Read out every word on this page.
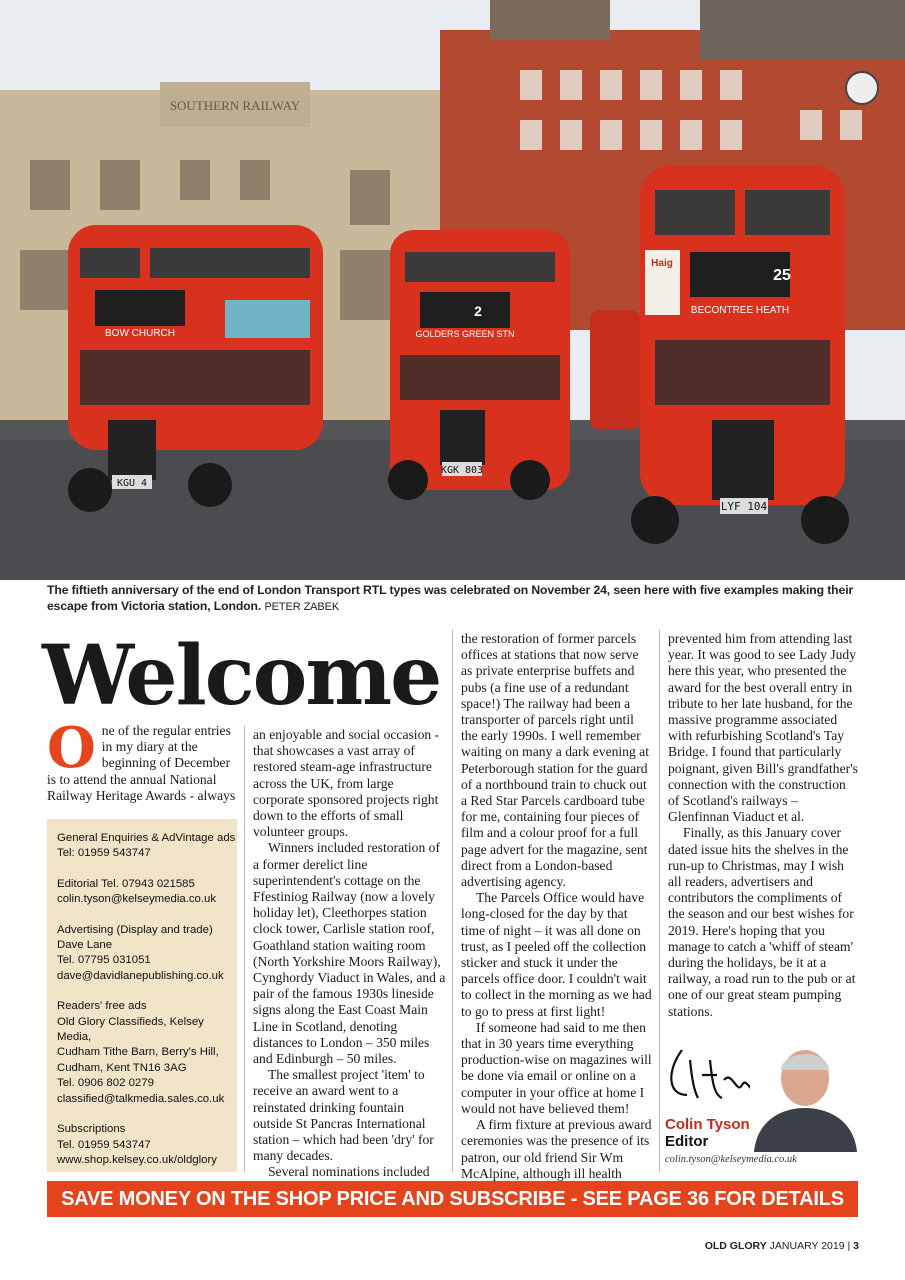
SOUTHERN RAILWAY
KGU 4
BOW CHURCH
2
GOLDERS GREEN STN
KGK 803
Haig
25
BECONTREE HEATH
LYF 104
The fiftieth anniversary of the end of London Transport RTL types was celebrated on November 24, seen here with five examples making their escape from Victoria station, London. PETER ZABEK
Welcome

One of the regular entries in my diary at the beginning of December is to attend the annual National Railway Heritage Awards - always

General Enquiries & AdVintage ads
Tel: 01959 543747
Editorial Tel. 07943 021585
colin.tyson@kelseymedia.co.uk
Advertising (Display and trade)
Dave Lane
Tel. 07795 031051
dave@davidlanepublishing.co.uk
Readers' free ads
Old Glory Classifieds, Kelsey Media,
Cudham Tithe Barn, Berry's Hill,
Cudham, Kent TN16 3AG
Tel. 0906 802 0279
classified@talkmedia.sales.co.uk
Subscriptions
Tel. 01959 543747
www.shop.kelsey.co.uk/oldglory

an enjoyable and social occasion - that showcases a vast array of restored steam-age infrastructure across the UK, from large corporate sponsored projects right down to the efforts of small volunteer groups.

Winners included restoration of a former derelict line superintendent's cottage on the Ffestiniog Railway (now a lovely holiday let), Cleethorpes station clock tower, Carlisle station roof, Goathland station waiting room (North Yorkshire Moors Railway), Cynghordy Viaduct in Wales, and a pair of the famous 1930s lineside signs along the East Coast Main Line in Scotland, denoting distances to London – 350 miles and Edinburgh – 50 miles.

The smallest project 'item' to receive an award went to a reinstated drinking fountain outside St Pancras International station – which had been 'dry' for many decades.

Several nominations included

the restoration of former parcels offices at stations that now serve as private enterprise buffets and pubs (a fine use of a redundant space!) The railway had been a transporter of parcels right until the early 1990s. I well remember waiting on many a dark evening at Peterborough station for the guard of a northbound train to chuck out a Red Star Parcels cardboard tube for me, containing four pieces of film and a colour proof for a full page advert for the magazine, sent direct from a London-based advertising agency.

The Parcels Office would have long-closed for the day by that time of night – it was all done on trust, as I peeled off the collection sticker and stuck it under the parcels office door. I couldn't wait to collect in the morning as we had to go to press at first light!

If someone had said to me then that in 30 years time everything production-wise on magazines will be done via email or online on a computer in your office at home I would not have believed them!

A firm fixture at previous award ceremonies was the presence of its patron, our old friend Sir Wm McAlpine, although ill health

prevented him from attending last year. It was good to see Lady Judy here this year, who presented the award for the best overall entry in tribute to her late husband, for the massive programme associated with refurbishing Scotland's Tay Bridge. I found that particularly poignant, given Bill's grandfather's connection with the construction of Scotland's railways – Glenfinnan Viaduct et al.

Finally, as this January cover dated issue hits the shelves in the run-up to Christmas, may I wish all readers, advertisers and contributors the compliments of the season and our best wishes for 2019. Here's hoping that you manage to catch a 'whiff of steam' during the holidays, be it at a railway, a road run to the pub or at one of our great steam pumping stations.

Colin Tyson
Editor
colin.tyson@kelseymedia.co.uk
SAVE MONEY ON THE SHOP PRICE AND SUBSCRIBE - SEE PAGE 36 FOR DETAILS
OLD GLORY JANUARY 2019 | 3
